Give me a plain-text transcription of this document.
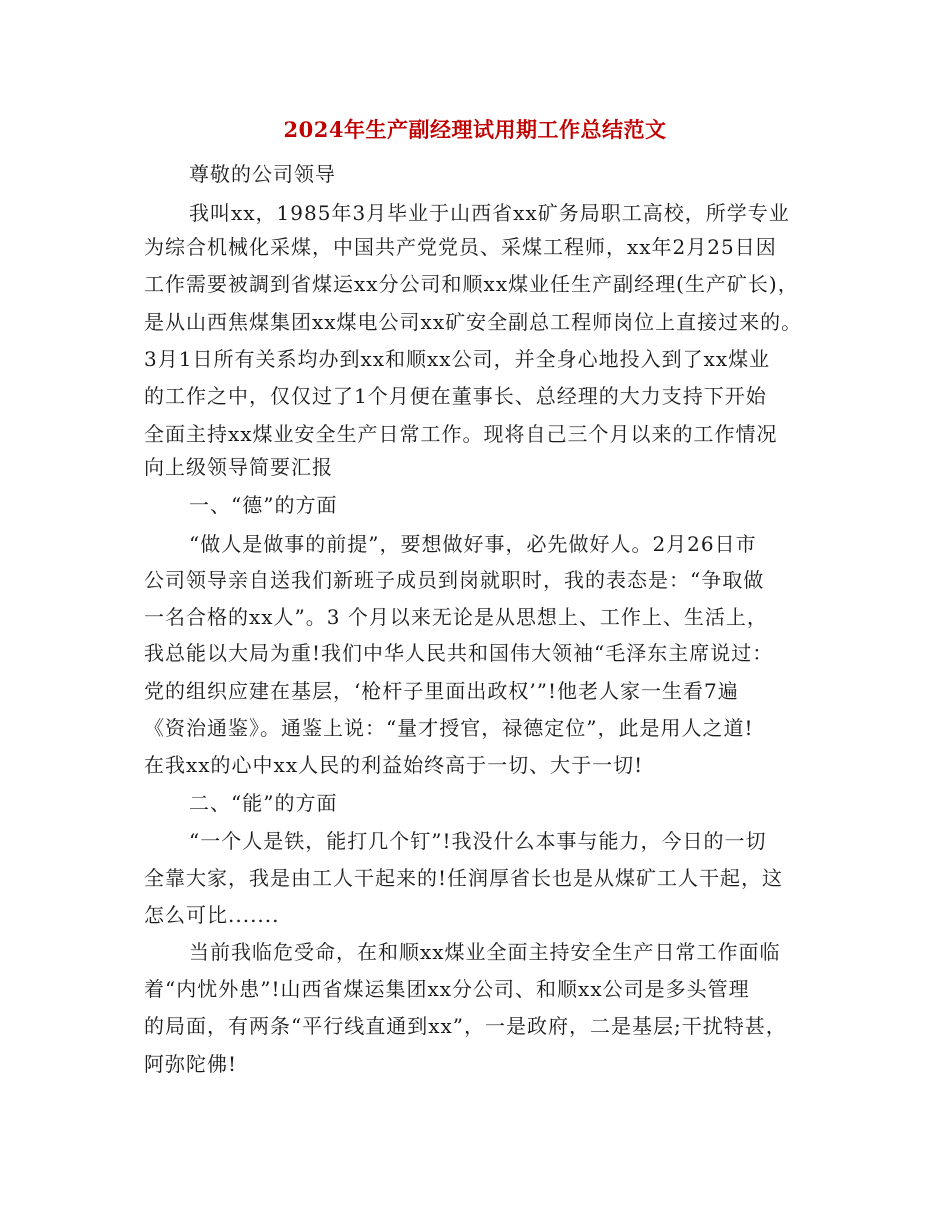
2024年生产副经理试用期工作总结范文
尊敬的公司领导
我叫xx，1985年3月毕业于山西省xx矿务局职工高校，所学专业
为综合机械化采煤，中国共产党党员、采煤工程师，xx年2月25日因
工作需要被調到省煤运xx分公司和顺xx煤业任生产副经理(生产矿长)，
是从山西焦煤集团xx煤电公司xx矿安全副总工程师岗位上直接过来的。
3月1日所有关系均办到xx和顺xx公司，并全身心地投入到了xx煤业
的工作之中，仅仅过了1个月便在董事长、总经理的大力支持下开始
全面主持xx煤业安全生产日常工作。现将自己三个月以来的工作情况
向上级领导简要汇报
一、“德”的方面
“做人是做事的前提”，要想做好事，必先做好人。2月26日市
公司领导亲自送我们新班子成员到岗就职时，我的表态是：“争取做
一名合格的xx人”。3 个月以来无论是从思想上、工作上、生活上，
我总能以大局为重!我们中华人民共和国伟大领袖“毛泽东主席说过：
党的组织应建在基层，‘枪杆子里面出政权’”!他老人家一生看7遍
《资治通鉴》。通鉴上说：“量才授官，禄德定位”，此是用人之道!
在我xx的心中xx人民的利益始终高于一切、大于一切!
二、“能”的方面
“一个人是铁，能打几个钉”!我没什么本事与能力，今日的一切
全靠大家，我是由工人干起来的!任润厚省长也是从煤矿工人干起，这
怎么可比.......
当前我临危受命，在和顺xx煤业全面主持安全生产日常工作面临
着“内忧外患”!山西省煤运集团xx分公司、和顺xx公司是多头管理
的局面，有两条“平行线直通到xx”，一是政府，二是基层;干扰特甚，
阿弥陀佛!
